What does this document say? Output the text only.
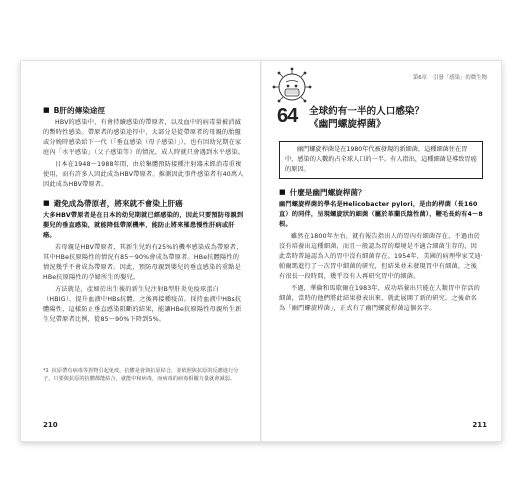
■ B肝的傳染途徑

HBV的感染中，有會持續感染的帶原者，以及血中的病毒量被消滅的暫時性感染。帶原者的感染途徑中，大部分是從帶原者的母親的胎盤或分娩時感染給下一代（「垂直感染（母子感染）」），也有因幼兒期在家庭內「水平感染」（父子感染等）的情況，成人時就只會遇到水平感染。

日本在1948～1988年間，由於集體預防接種注射器未經消毒重複使用，而有許多人因此成為HBV帶原者。推測因此事件感染者有40萬人因此成為HBV帶原者。

■ 避免成為帶原者，將來就不會染上肝癌

大多HBV帶原者是在日本的幼兒期就已經感染的，因此只要預防母親到嬰兒的垂直感染，就能降低帶原機率，能防止將來罹患慢性肝病或肝癌。

若母親是HBV帶原者，其新生兒約有25%的機率感染成為帶原者，其中HBe抗原陽性的情況有85～90%會成為帶原者。HBe抗體陽性的情況幾乎不會成為帶原者。因此，預防母親到嬰兒的垂直感染的重點是HBe抗原陽性的孕婦所生的嬰兒。

方法就是，產婦於出生後的新生兒注射B型肝炎免疫球蛋白（HBIG），提升血液中HBs抗體，之後再接種疫苗。採持血液中HBs抗體陽性，這樣防止垂直感染阻斷的結果，能讓HBe抗原陽性母親所生新生兒帶原者比例，從85～90%下降到5%。

*1 抗原帶有病毒等異物引起免疫，抗體是會與抗原結合，並依照與抗原的反應進行分子。只要與抗原的抗體都能結合，就能中和病毒，而病毒的病毒相關力量就會減弱。
210
第6章 引發「感染」的微生物
64 全球約有一半的人口感染？
《幽門螺旋桿菌》

幽門螺旋桿菌是在1980年代被發現的新細菌，這種細菌住在胃中，感染的人數約占全球人口的一半。有人指出，這種細菌是導致胃癌的原因。

■ 什麼是幽門螺旋桿菌？

幽門螺旋桿菌的學名是Helicobacter pylori，是由約桿菌（長160直）的同伴，呈現螺旋狀的細菌（屬於革蘭氏陰性菌），鞭毛長約有4～8根。

雖然在1800年左右，就有報告指出人的胃內有細菌存在，不過由於沒有培養出這種細菌，而且一般認為胃的環境是不適合細菌生存的，因此當時普遍認為人的胃中沒有細菌存在。1954年，美國的病理學家艾迪·帕爾瑪進行了一次胃中細菌的研究，但結果並未發現胃中有細菌，之後有很長一段時間，幾乎沒有人再研究胃中的細菌。

不過，華倫和馬歇爾在1983年，成功培養出只能在人類胃中存活的細菌，當時的他們將此結果發表出來，就此展開了新的研究。之後命名為「幽門螺旋桿菌」，正式有了幽門螺旋桿菌這個名字。

211
